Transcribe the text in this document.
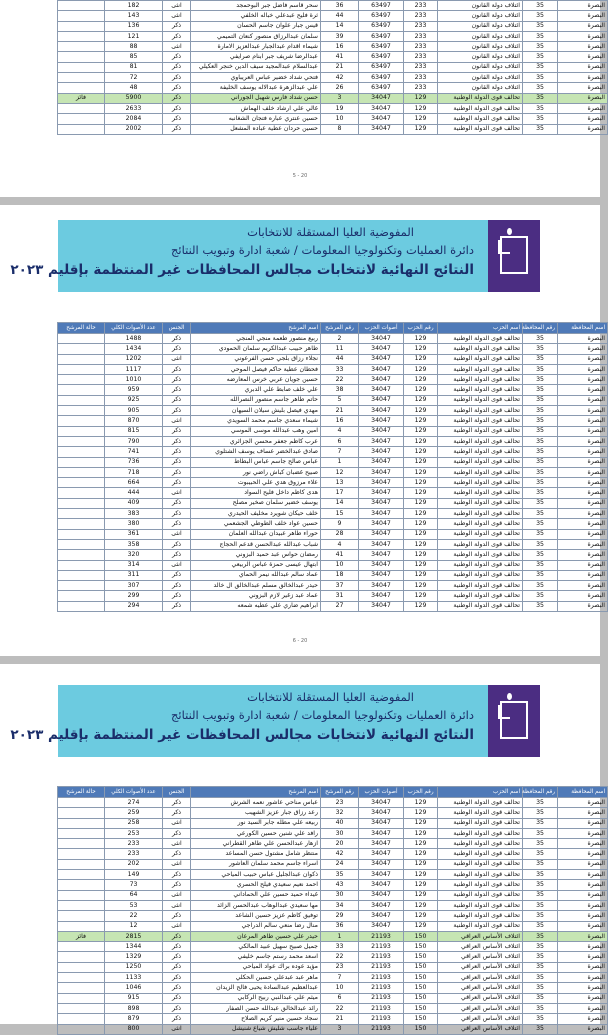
البصرة	35	ائتلاف دولة القانون	233	63497	36	سحر قاسم فاضل جبر البوحمجد	انثى	182	
البصرة	35	ائتلاف دولة القانون	233	63497	44	ثرة فليح عبدعلي خباله الخلفي	انثى	143	
البصرة	35	ائتلاف دولة القانون	233	63497	14	قيس جبار علوان جاسم الحسان	ذكر	136	
البصرة	35	ائتلاف دولة القانون	233	63497	39	سلمان عبدالرزاق منصور كنعان التميمي	ذكر	121	
البصرة	35	ائتلاف دولة القانون	233	63497	16	شيماء اقدام عبدالجبار عبدالعزيز الامارة	انثى	88	
البصرة	35	ائتلاف دولة القانون	233	63497	41	عبدالرضا شريف جبر ابنام صرايفي	ذكر	85	
البصرة	35	ائتلاف دولة القانون	233	63497	21	عبدالسلام عبدالمجيد سيف الدين خنجر العكيلي	ذكر	81	
البصرة	35	ائتلاف دولة القانون	233	63497	42	فتحي شداد خضير عباس العريباوي	ذكر	72	
البصرة	35	ائتلاف دولة القانون	233	63497	26	علي عبدالزهرة عبدالاله يوسف الخليفة	ذكر	48	
البصرة	35	تحالف قوى الدولة الوطنية	129	34047	3	حسن شداد فارس شهيل الجوراني	ذكر	5900	فائز
البصرة	35	تحالف قوى الدولة الوطنية	129	34047	19	غالي علي ارشاد خلف الهماش	ذكر	2633	
البصرة	35	تحالف قوى الدولة الوطنية	129	34047	10	حسين عنتري عباره فتجان الشغانبه	ذكر	2084	
البصرة	35	تحالف قوى الدولة الوطنية	129	34047	8	حسين حردان عطية عباده المشعل	ذكر	2002	
5 - 20
المفوضية العليا المستقلة للانتخابات
دائرة العمليات وتكنولوجيا المعلومات / شعبة ادارة وتبويب النتائج
النتائج النهائية لانتخابات مجالس المحافظات غير المنتظمة بإقليم ٢٠٢٣
اسم المحافظة	رقم المحافظة	اسم الحزب	رقم الحزب	أصوات الحزب	رقم المرشح	اسم المرشح	الجنس	عدد الأصوات الكلي	حالة المرشح
البصرة	35	تحالف قوى الدولة الوطنية	129	34047	2	ربيع منصور طعمة منجي المنجي	ذكر	1488	
البصرة	35	تحالف قوى الدولة الوطنية	129	34047	11	طاهر حبيب عبدالكريم سلمان الحمودي	ذكر	1434	
البصرة	35	تحالف قوى الدولة الوطنية	129	34047	44	نجلاء رزاق بلجي حسن الفرعوني	انثى	1202	
البصرة	35	تحالف قوى الدولة الوطنية	129	34047	33	فحطان عطية حاكم فيصل الموحي	ذكر	1117	
البصرة	35	تحالف قوى الدولة الوطنية	129	34047	22	حسين جويان عربي خرس المعارضه	ذكر	1010	
البصرة	35	تحالف قوى الدولة الوطنية	129	34047	38	علي خلف صابط علي الدبري	ذكر	959	
البصرة	35	تحالف قوى الدولة الوطنية	129	34047	5	حاتم طاهر جاسم منصور النصرالله	ذكر	925	
البصرة	35	تحالف قوى الدولة الوطنية	129	34047	21	مهدي فيصل بليش سيلان السيهان	ذكر	905	
البصرة	35	تحالف قوى الدولة الوطنية	129	34047	16	شيماء سعدي جاسم محمد السويدي	انثى	870	
البصرة	35	تحالف قوى الدولة الوطنية	129	34047	4	امين وهب عبدالله موسى الموسي	ذكر	815	
البصرة	35	تحالف قوى الدولة الوطنية	129	34047	6	عرب كاظم جعفر محسن الجزائري	ذكر	790	
البصرة	35	تحالف قوى الدولة الوطنية	129	34047	7	صادق عبدالخضر عساف يوسف الشتلوي	ذكر	741	
البصرة	35	تحالف قوى الدولة الوطنية	129	34047	1	عباس صالح جاسم عباس البطاط	ذكر	736	
البصرة	35	تحالف قوى الدولة الوطنية	129	34047	12	صبيح غضبان كباش راضي نور	ذكر	718	
البصرة	35	تحالف قوى الدولة الوطنية	129	34047	13	علاء مرزوق هدي علي الحبيبوت	ذكر	664	
البصرة	35	تحالف قوى الدولة الوطنية	129	34047	17	هدى كاظم داخل فليح السواد	انثى	444	
البصرة	35	تحالف قوى الدولة الوطنية	129	34047	14	يوسف خضير سلمان صخير مصلح	ذكر	409	
البصرة	35	تحالف قوى الدولة الوطنية	129	34047	15	خلف حيكان شويرد مخليف الحيدري	ذكر	383	
البصرة	35	تحالف قوى الدولة الوطنية	129	34047	9	حسين عواد خلف الطوطي الجشعمي	ذكر	380	
البصرة	35	تحالف قوى الدولة الوطنية	129	34047	28	حوراء طاهر عبيدان عبدالله العلمان	انثى	361	
البصرة	35	تحالف قوى الدولة الوطنية	129	34047	4	شباب عبدالله عبدالحسن قدعم الحجاج	ذكر	358	
البصرة	35	تحالف قوى الدولة الوطنية	129	34047	41	رمضان حواس عبد حميد البزوني	ذكر	320	
البصرة	35	تحالف قوى الدولة الوطنية	129	34047	10	ابتهال عيسى حمزة عباس الربيعي	انثى	314	
البصرة	35	تحالف قوى الدولة الوطنية	129	34047	18	عماد سالم عبدالله نيمر الحماي	ذكر	311	
البصرة	35	تحالف قوى الدولة الوطنية	129	34047	37	حيدر عبدالخالق مسلم عبدالخالق ال خالد	ذكر	307	
البصرة	35	تحالف قوى الدولة الوطنية	129	34047	31	عماد عبد زغير لازم البزوني	ذكر	299	
البصرة	35	تحالف قوى الدولة الوطنية	129	34047	27	ابراهيم ضاري علي عطيه شمعه	ذكر	294	
6 - 20
المفوضية العليا المستقلة للانتخابات
دائرة العمليات وتكنولوجيا المعلومات / شعبة ادارة وتبويب النتائج
النتائج النهائية لانتخابات مجالس المحافظات غير المنتظمة بإقليم ٢٠٢٣
اسم المحافظة	رقم المحافظة	اسم الحزب	رقم الحزب	أصوات الحزب	رقم المرشح	اسم المرشح	الجنس	عدد الأصوات الكلي	حالة المرشح
البصرة	35	تحالف قوى الدولة الوطنية	129	34047	23	عباس مناحي عاشور نعمه الشرش	ذكر	274	
البصرة	35	تحالف قوى الدولة الوطنية	129	34047	32	رعد رزاق جبار عزيز الشهيب	ذكر	259	
البصرة	35	تحالف قوى الدولة الوطنية	129	34047	40	ربيعه علي مطله جابر السيد نور	انثى	258	
البصرة	35	تحالف قوى الدولة الوطنية	129	34047	30	رافد علي شنين حسين الكورعي	ذكر	253	
البصرة	35	تحالف قوى الدولة الوطنية	129	34047	20	ازهار عبدالحسن علي طاهر القطراني	انثى	233	
البصرة	35	تحالف قوى الدولة الوطنية	129	34047	42	منتظر شامل مشتول حسن المساعد	ذكر	233	
البصرة	35	تحالف قوى الدولة الوطنية	129	34047	24	اسراء جاسم محمد سلمان العاشور	انثى	202	
البصرة	35	تحالف قوى الدولة الوطنية	129	34047	35	ذكوان عبدالجليل عباس حبيب المياحي	ذكر	149	
البصرة	35	تحالف قوى الدولة الوطنية	129	34047	43	احمد نعيم سعيدي فيلح الحسري	ذكر	73	
البصرة	35	تحالف قوى الدولة الوطنية	129	34047	30	غيداء حميد حسين علي الحماداني	انثى	64	
البصرة	35	تحالف قوى الدولة الوطنية	129	34047	34	مها سعيدي عبدالوهاب عبدالحسن الزائد	انثى	53	
البصرة	35	تحالف قوى الدولة الوطنية	129	34047	29	توفيق كاظم عزيز حسين الشاعد	ذكر	22	
البصرة	35	تحالف قوى الدولة الوطنية	129	34047	36	منال رضا منعي سالم الدراجي	انثى	12	
البصرة	35	ائتلاف الأساس العراقي	150	21193	1	حيدر علي حسين طاهر المرعان	ذكر	2815	فائز
البصرة	35	ائتلاف الأساس العراقي	150	21193	33	جميل صبيح سهيل عبيد المالكي	ذكر	1344	
البصرة	35	ائتلاف الأساس العراقي	150	21193	22	اسعد محمد رستم جاسم خليفي	ذكر	1329	
البصرة	35	ائتلاف الأساس العراقي	150	21193	23	مؤيد عوده براك عواد المياحي	ذكر	1250	
البصرة	35	ائتلاف الأساس العراقي	150	21193	7	ماهر عبد عبدعلي حسين الحكلي	ذكر	1133	
البصرة	35	ائتلاف الأساس العراقي	150	21193	10	عبدالعظيم عبدالسادة يحيى فالح الزيدان	ذكر	1046	
البصرة	35	ائتلاف الأساس العراقي	150	21193	6	ميثم علي عبدالنبي ربيح الركابي	ذكر	915	
البصرة	35	ائتلاف الأساس العراقي	150	21193	22	رائد عبدالخالق عبدالله حسن الصفار	ذكر	898	
البصرة	35	ائتلاف الأساس العراقي	150	21193	21	سجاد حسين منير كريم الصلاح	ذكر	879	
البصرة	35	ائتلاف الأساس العراقي	150	21193	3	علياء جاسب شليش شياع شنيشل	انثى	800	
